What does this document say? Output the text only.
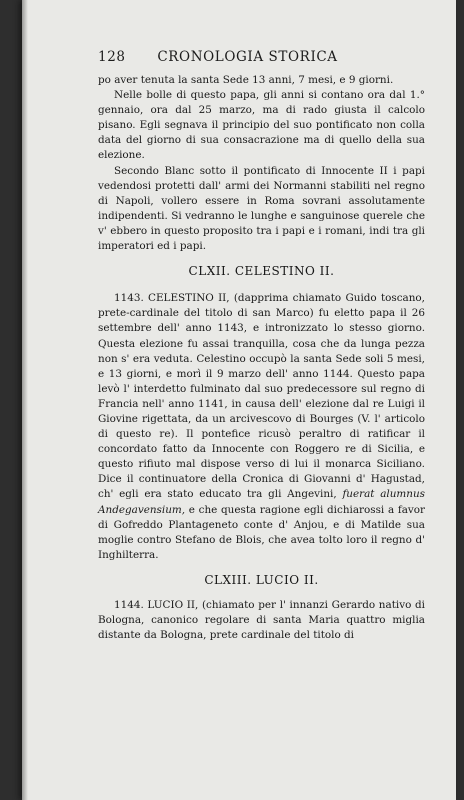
128	CRONOLOGIA STORICA

po aver tenuta la santa Sede 13 anni, 7 mesi, e 9 giorni.

Nelle bolle di questo papa, gli anni si contano ora dal 1.° gennaio, ora dal 25 marzo, ma di rado giusta il calcolo pisano. Egli segnava il principio del suo pontificato non colla data del giorno di sua consacrazione ma di quello della sua elezione.

Secondo Blanc sotto il pontificato di Innocente II i papi vedendosi protetti dall' armi dei Normanni stabiliti nel regno di Napoli, vollero essere in Roma sovrani assolutamente indipendenti. Si vedranno le lunghe e sanguinose querele che v' ebbero in questo proposito tra i papi e i romani, indi tra gli imperatori ed i papi.

CLXII. CELESTINO II.

1143. CELESTINO II, (dapprima chiamato Guido toscano, prete-cardinale del titolo di san Marco) fu eletto papa il 26 settembre dell' anno 1143, e intronizzato lo stesso giorno. Questa elezione fu assai tranquilla, cosa che da lunga pezza non s' era veduta. Celestino occupò la santa Sede soli 5 mesi, e 13 giorni, e morì il 9 marzo dell' anno 1144. Questo papa levò l' interdetto fulminato dal suo predecessore sul regno di Francia nell' anno 1141, in causa dell' elezione dal re Luigi il Giovine rigettata, da un arcivescovo di Bourges (V. l' articolo di questo re). Il pontefice ricusò peraltro di ratificar il concordato fatto da Innocente con Roggero re di Sicilia, e questo rifiuto mal dispose verso di lui il monarca Siciliano. Dice il continuatore della Cronica di Giovanni d' Hagustad, ch' egli era stato educato tra gli Angevini, fuerat alumnus Andegavensium, e che questa ragione egli dichiarossi a favor di Gofreddo Plantageneto conte d' Anjou, e di Matilde sua moglie contro Stefano de Blois, che avea tolto loro il regno d' Inghilterra.

CLXIII. LUCIO II.

1144. LUCIO II, (chiamato per l' innanzi Gerardo nativo di Bologna, canonico regolare di santa Maria quattro miglia distante da Bologna, prete cardinale del titolo di
